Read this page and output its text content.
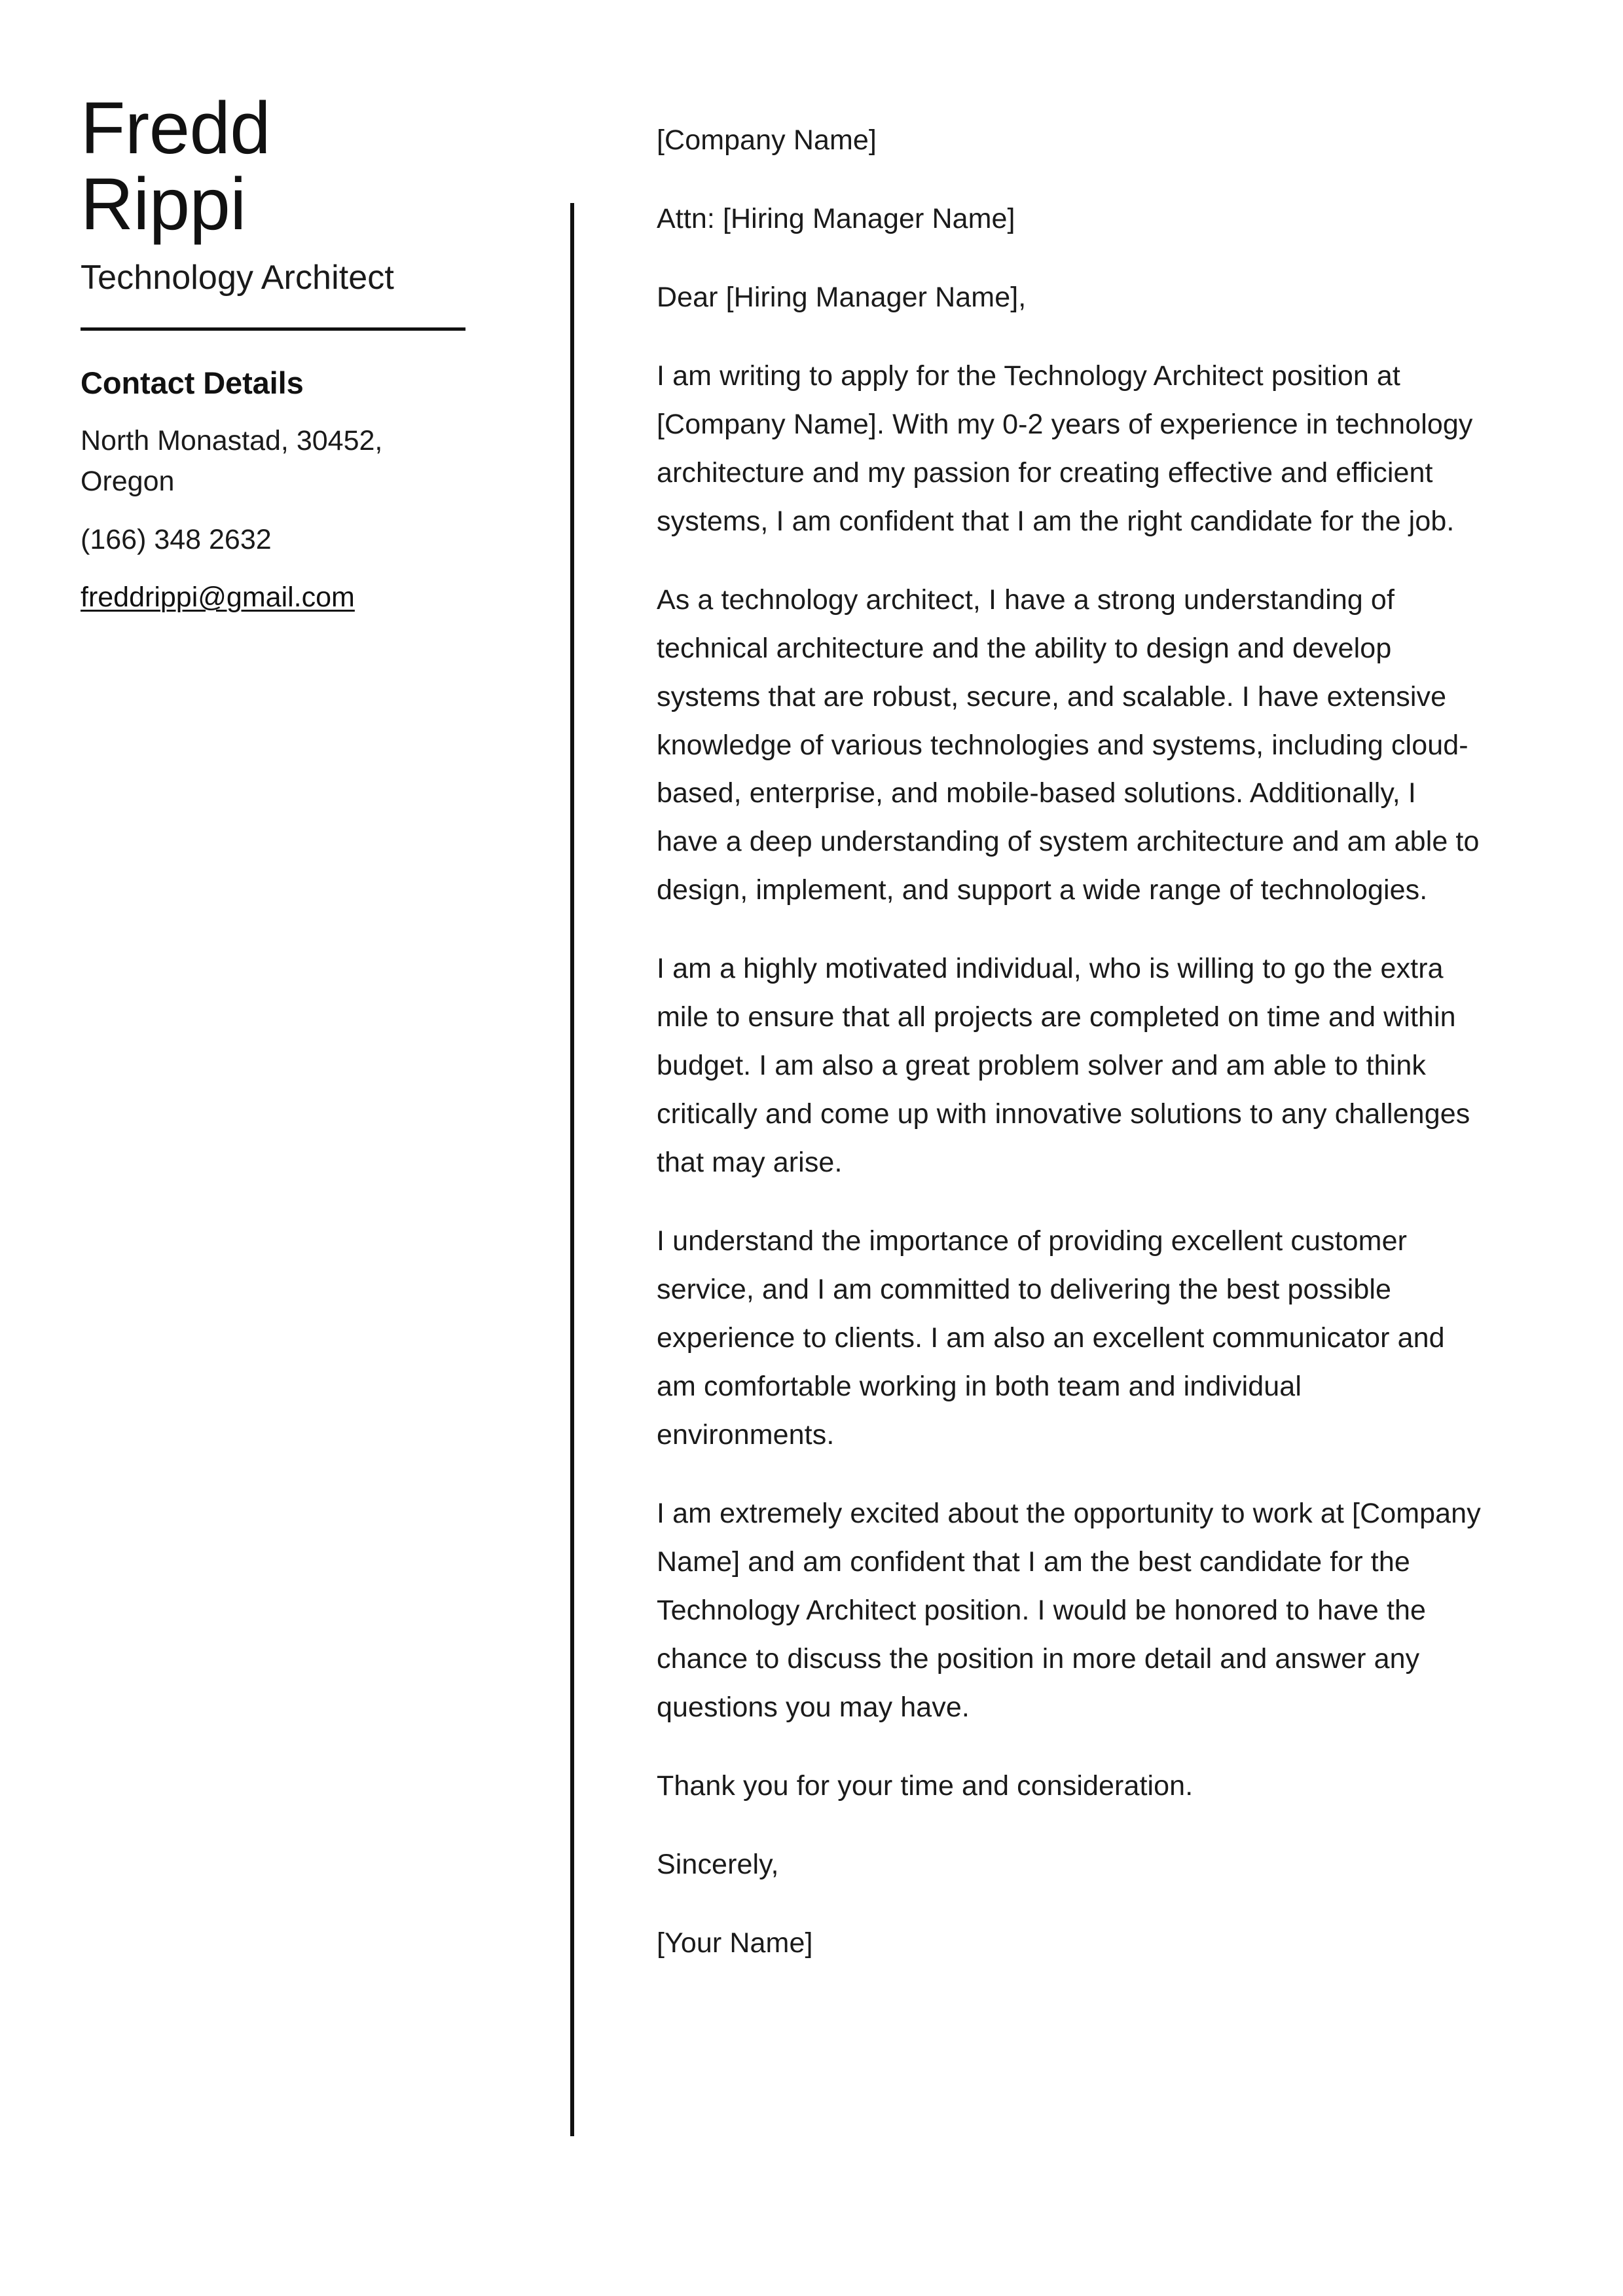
Fredd
Rippi
Technology Architect
Contact Details
North Monastad, 30452, Oregon
(166) 348 2632
freddrippi@gmail.com

[Company Name]

Attn: [Hiring Manager Name]

Dear [Hiring Manager Name],

I am writing to apply for the Technology Architect position at [Company Name]. With my 0-2 years of experience in technology architecture and my passion for creating effective and efficient systems, I am confident that I am the right candidate for the job.

As a technology architect, I have a strong understanding of technical architecture and the ability to design and develop systems that are robust, secure, and scalable. I have extensive knowledge of various technologies and systems, including cloud-based, enterprise, and mobile-based solutions. Additionally, I have a deep understanding of system architecture and am able to design, implement, and support a wide range of technologies.

I am a highly motivated individual, who is willing to go the extra mile to ensure that all projects are completed on time and within budget. I am also a great problem solver and am able to think critically and come up with innovative solutions to any challenges that may arise.

I understand the importance of providing excellent customer service, and I am committed to delivering the best possible experience to clients. I am also an excellent communicator and am comfortable working in both team and individual environments.

I am extremely excited about the opportunity to work at [Company Name] and am confident that I am the best candidate for the Technology Architect position. I would be honored to have the chance to discuss the position in more detail and answer any questions you may have.

Thank you for your time and consideration.

Sincerely,

[Your Name]
